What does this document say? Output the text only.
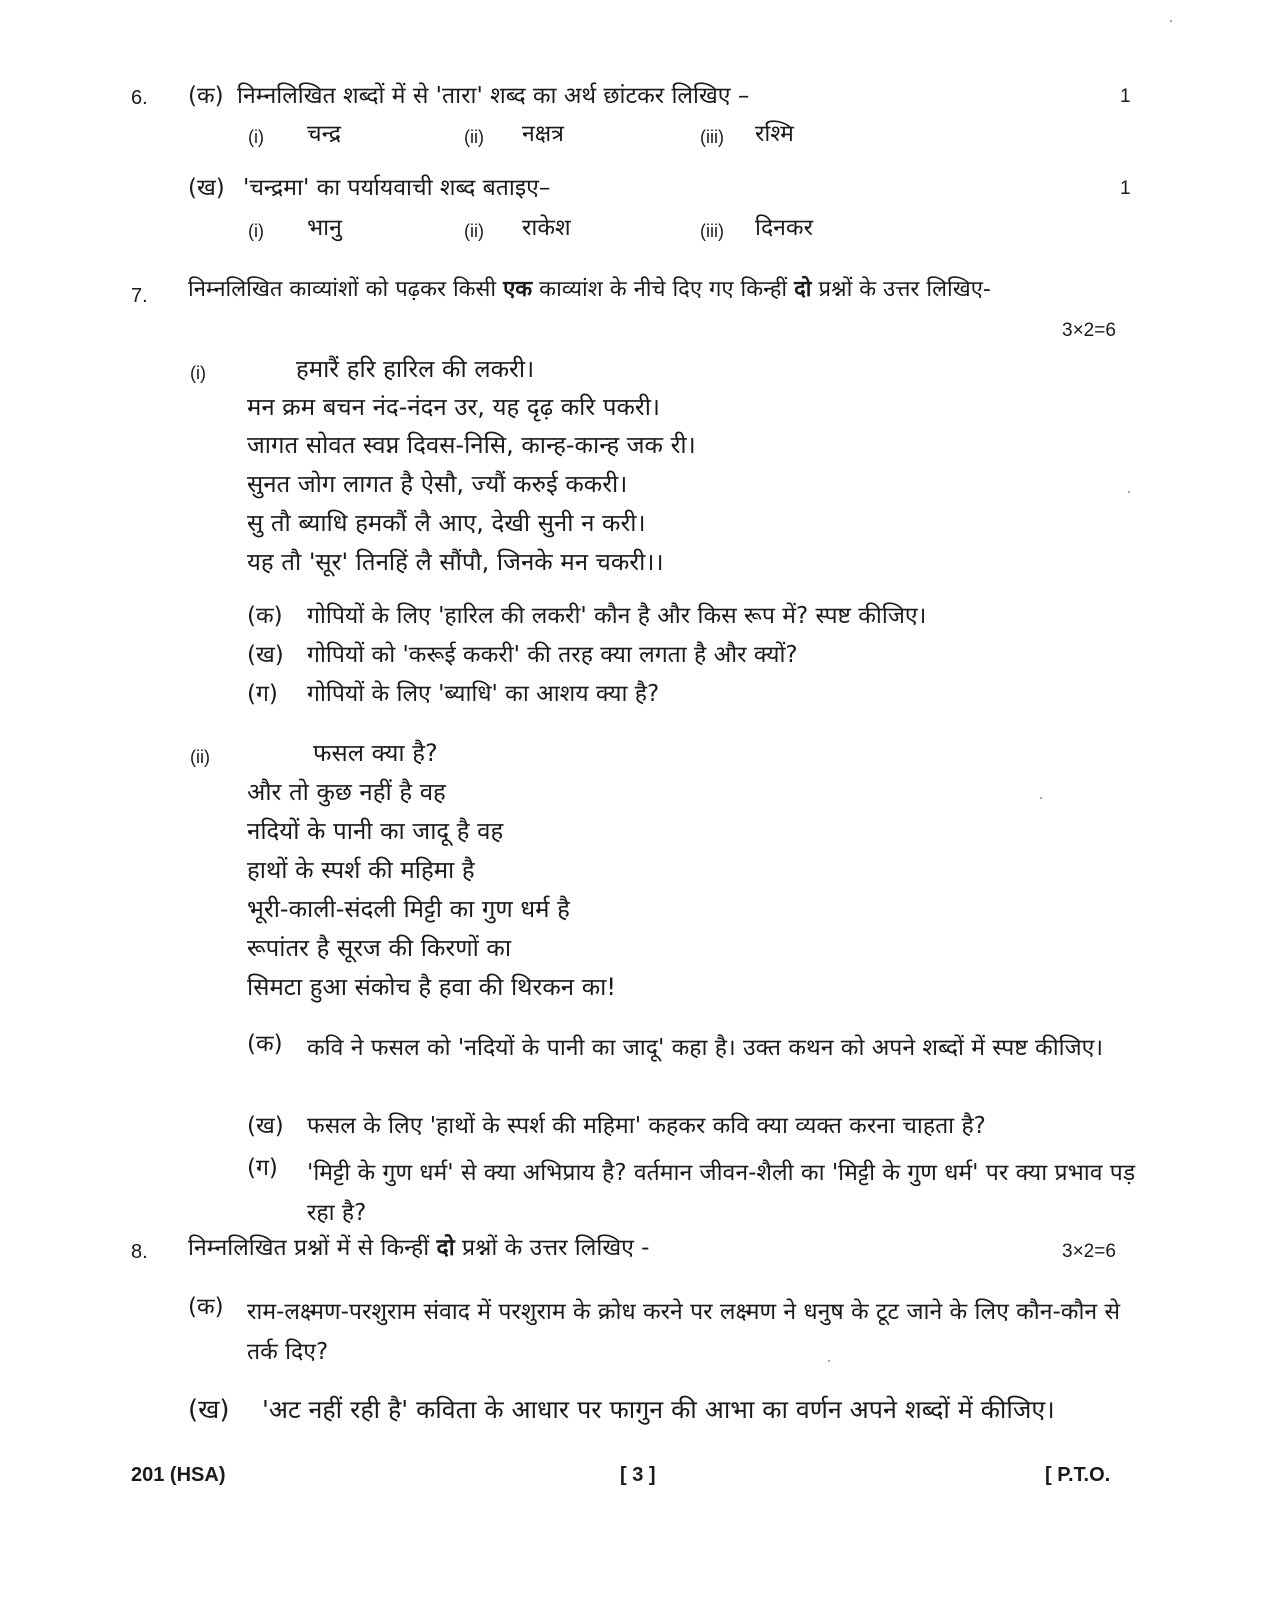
6. (क) निम्नलिखित शब्दों में से 'तारा' शब्द का अर्थ छांटकर लिखिए –	1
(i) चन्द्र	(ii) नक्षत्र	(iii) रश्मि
(ख) 'चन्द्रमा' का पर्यायवाची शब्द बताइए–	1
(i) भानु	(ii) राकेश	(iii) दिनकर
7. निम्नलिखित काव्यांशों को पढ़कर किसी एक काव्यांश के नीचे दिए गए किन्हीं दो प्रश्नों के उत्तर लिखिए-
3×2=6
(i)	हमारैं हरि हारिल की लकरी।
मन क्रम बचन नंद-नंदन उर, यह दृढ़ करि पकरी।
जागत सोवत स्वप्न दिवस-निसि, कान्ह-कान्ह जक री।
सुनत जोग लागत है ऐसौ, ज्यौं करुई ककरी।
सु तौ ब्याधि हमकौं लै आए, देखी सुनी न करी।
यह तौ 'सूर' तिनहिं लै सौंपौ, जिनके मन चकरी।।
(क) गोपियों के लिए 'हारिल की लकरी' कौन है और किस रूप में? स्पष्ट कीजिए।
(ख) गोपियों को 'करूई ककरी' की तरह क्या लगता है और क्यों?
(ग) गोपियों के लिए 'ब्याधि' का आशय क्या है?
(ii)	फसल क्या है?
और तो कुछ नहीं है वह
नदियों के पानी का जादू है वह
हाथों के स्पर्श की महिमा है
भूरी-काली-संदली मिट्टी का गुण धर्म है
रूपांतर है सूरज की किरणों का
सिमटा हुआ संकोच है हवा की थिरकन का!
(क) कवि ने फसल को 'नदियों के पानी का जादू' कहा है। उक्त कथन को अपने शब्दों में स्पष्ट कीजिए।
(ख) फसल के लिए 'हाथों के स्पर्श की महिमा' कहकर कवि क्या व्यक्त करना चाहता है?
(ग) 'मिट्टी के गुण धर्म' से क्या अभिप्राय है? वर्तमान जीवन-शैली का 'मिट्टी के गुण धर्म' पर क्या प्रभाव पड़ रहा है?
8. निम्नलिखित प्रश्नों में से किन्हीं दो प्रश्नों के उत्तर लिखिए -	3×2=6
(क) राम-लक्ष्मण-परशुराम संवाद में परशुराम के क्रोध करने पर लक्ष्मण ने धनुष के टूट जाने के लिए कौन-कौन से तर्क दिए?
(ख) 'अट नहीं रही है' कविता के आधार पर फागुन की आभा का वर्णन अपने शब्दों में कीजिए।
201 (HSA)	[ 3 ]	[ P.T.O.
